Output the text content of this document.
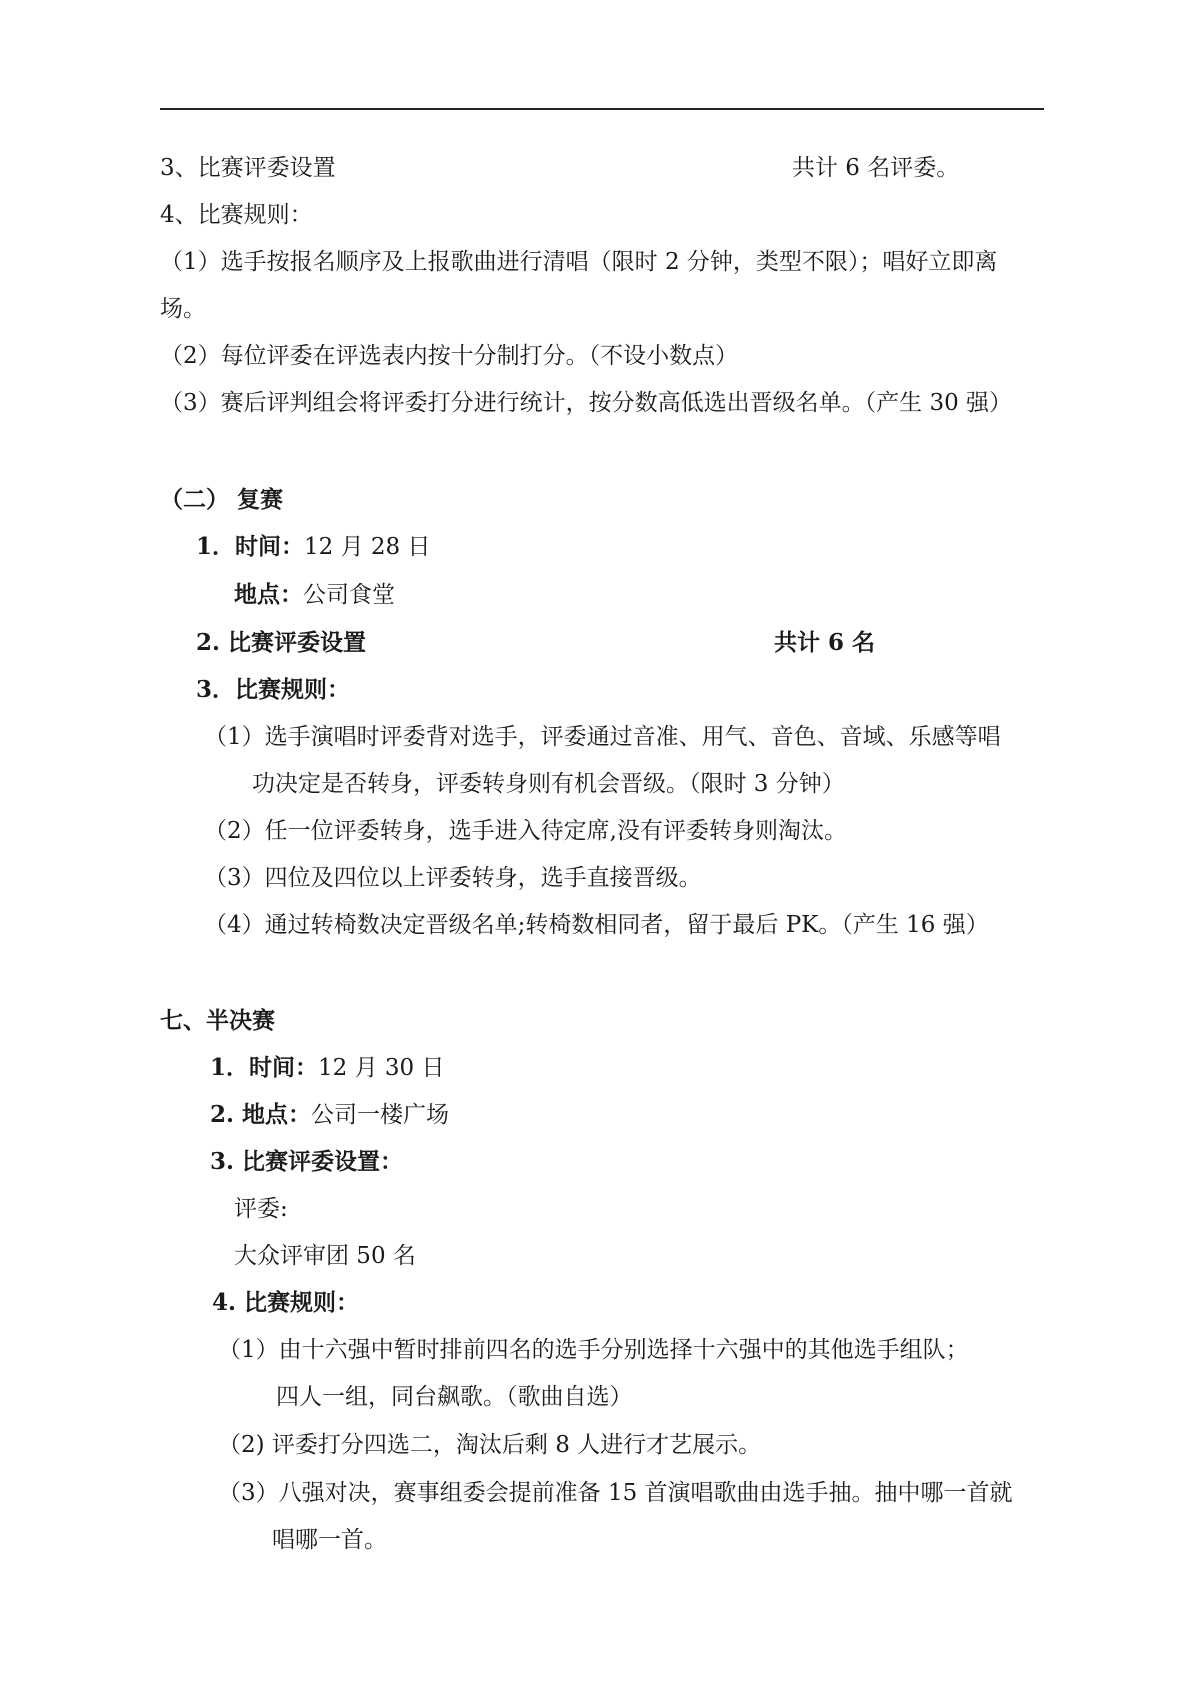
3、比赛评委设置	共计 6 名评委。
4、比赛规则：
（1）选手按报名顺序及上报歌曲进行清唱（限时 2 分钟，类型不限）；唱好立即离
场。
（2）每位评委在评选表内按十分制打分。（不设小数点）
（3）赛后评判组会将评委打分进行统计，按分数高低选出晋级名单。（产生 30 强）
（二） 复赛
1．时间：12 月 28 日
地点：公司食堂
2. 比赛评委设置	共计 6 名
3．比赛规则：
（1）选手演唱时评委背对选手，评委通过音准、用气、音色、音域、乐感等唱
功决定是否转身，评委转身则有机会晋级。（限时 3 分钟）
（2）任一位评委转身，选手进入待定席,没有评委转身则淘汰。
（3）四位及四位以上评委转身，选手直接晋级。
（4）通过转椅数决定晋级名单;转椅数相同者，留于最后 PK。（产生 16 强）
七、半决赛
1．时间：12 月 30 日
2. 地点：公司一楼广场
3. 比赛评委设置：
评委:
大众评审团 50 名
4. 比赛规则：
（1）由十六强中暂时排前四名的选手分别选择十六强中的其他选手组队；
四人一组，同台飙歌。（歌曲自选）
（2) 评委打分四选二，淘汰后剩 8 人进行才艺展示。
（3）八强对决，赛事组委会提前准备 15 首演唱歌曲由选手抽。抽中哪一首就
唱哪一首。
